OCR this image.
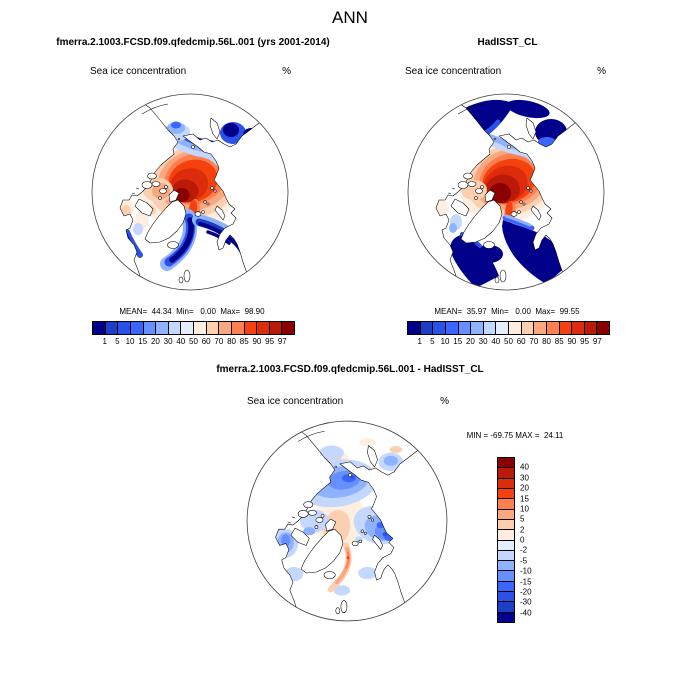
ANN
fmerra.2.1003.FCSD.f09.qfedcmip.56L.001 (yrs 2001-2014)	HadISST_CL
Sea ice concentration	%	Sea ice concentration	%
MEAN=  44.34  Min=   0.00  Max=  98.90	MEAN=  35.97  Min=   0.00  Max=  99.55
1 5 10 15 20 30 40 50 60 70 80 85 90 95 97	1 5 10 15 20 30 40 50 60 70 80 85 90 95 97
fmerra.2.1003.FCSD.f09.qfedcmip.56L.001 - HadISST_CL
Sea ice concentration	%
MIN = -69.75 MAX =  24.11
40
30
20
15
10
5
2
0
-2
-5
-10
-15
-20
-30
-40
